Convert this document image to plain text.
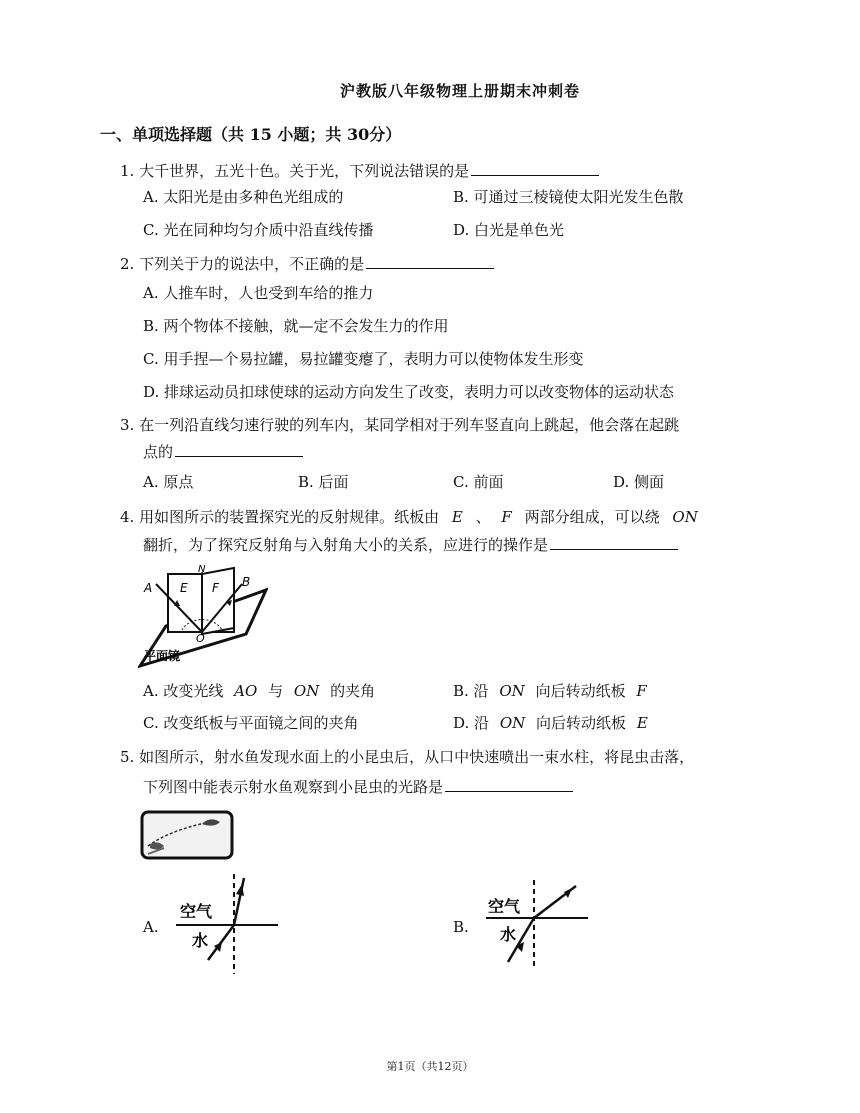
沪教版八年级物理上册期末冲刺卷
一、单项选择题（共 15 小题；共 30分）
1. 大千世界，五光十色。关于光，下列说法错误的是
A. 太阳光是由多种色光组成的	B. 可通过三棱镜使太阳光发生色散
C. 光在同种均匀介质中沿直线传播	D. 白光是单色光
2. 下列关于力的说法中，不正确的是
A. 人推车时，人也受到车给的推力
B. 两个物体不接触，就—定不会发生力的作用
C. 用手捏—个易拉罐，易拉罐变瘪了，表明力可以使物体发生形变
D. 排球运动员扣球使球的运动方向发生了改变，表明力可以改变物体的运动状态
3. 在一列沿直线匀速行驶的列车内，某同学相对于列车竖直向上跳起，他会落在起跳
点的
A. 原点	B. 后面	C. 前面	D. 侧面
4. 用如图所示的装置探究光的反射规律。纸板由 E 、 F 两部分组成，可以绕 ON
翻折，为了探究反射角与入射角大小的关系，应进行的操作是
A
N
B
E F
O
平面镜
A. 改变光线 AO 与 ON 的夹角	B. 沿 ON 向后转动纸板 F
C. 改变纸板与平面镜之间的夹角	D. 沿 ON 向后转动纸板 E
5. 如图所示，射水鱼发现水面上的小昆虫后，从口中快速喷出一束水柱，将昆虫击落，
下列图中能表示射水鱼观察到小昆虫的光路是
A.
空气
水
B.
空气
水
第1页（共12页）
